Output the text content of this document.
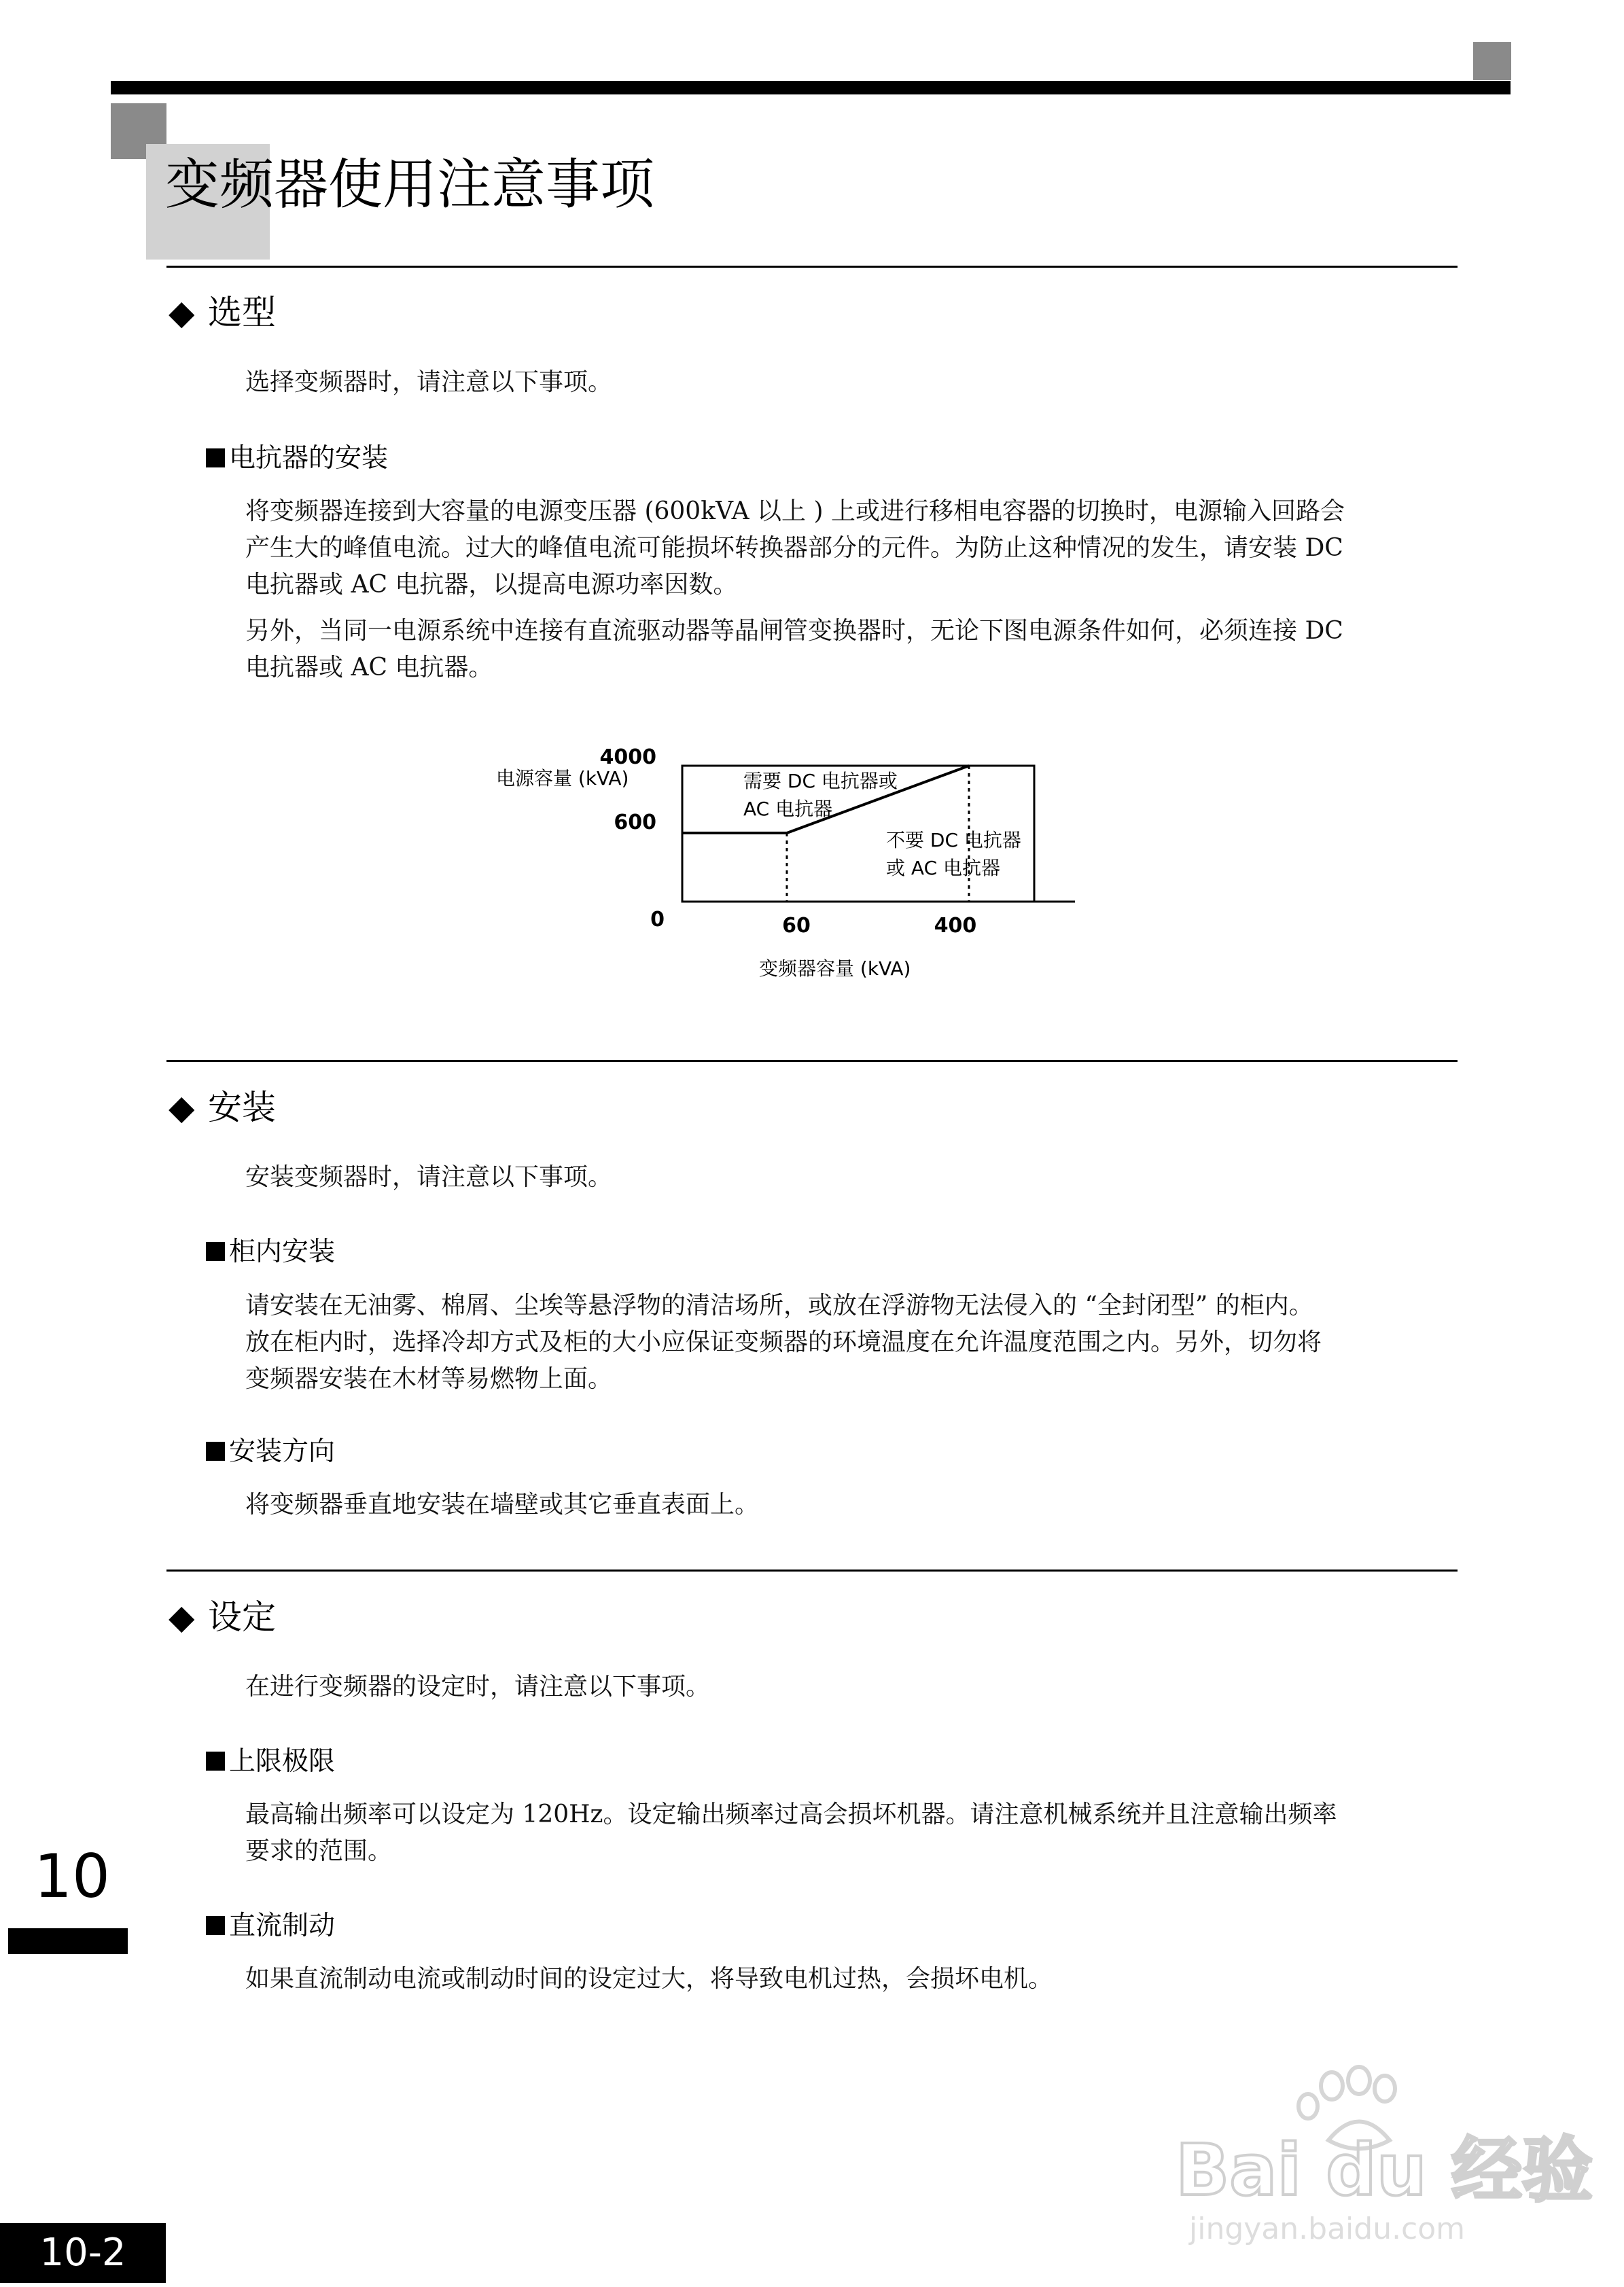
变频器使用注意事项
◆ 选型

选择变频器时，请注意以下事项。

电抗器的安装
将变频器连接到大容量的电源变压器 (600kVA 以上 ) 上或进行移相电容器的切换时，电源输入回路会
产生大的峰值电流。过大的峰值电流可能损坏转换器部分的元件。为防止这种情况的发生，请安装 DC
电抗器或 AC 电抗器，以提高电源功率因数。
另外，当同一电源系统中连接有直流驱动器等晶闸管变换器时，无论下图电源条件如何，必须连接 DC
电抗器或 AC 电抗器。
4000
600
0	60	400
电源容量 (kVA)
变频器容量 (kVA)
需要 DC 电抗器或
AC 电抗器
不要 DC 电抗器
或 AC 电抗器
◆ 安装

安装变频器时，请注意以下事项。

柜内安装
请安装在无油雾、棉屑、尘埃等悬浮物的清洁场所，或放在浮游物无法侵入的 “全封闭型” 的柜内。
放在柜内时，选择冷却方式及柜的大小应保证变频器的环境温度在允许温度范围之内。另外，切勿将
变频器安装在木材等易燃物上面。
安装方向
将变频器垂直地安装在墙壁或其它垂直表面上。
◆ 设定

在进行变频器的设定时，请注意以下事项。

上限极限
最高输出频率可以设定为 120Hz。设定输出频率过高会损坏机器。请注意机械系统并且注意输出频率
要求的范围。
直流制动
如果直流制动电流或制动时间的设定过大，将导致电机过热，会损坏电机。
10
10-2
Bai du 经验
jingyan.baidu.com
